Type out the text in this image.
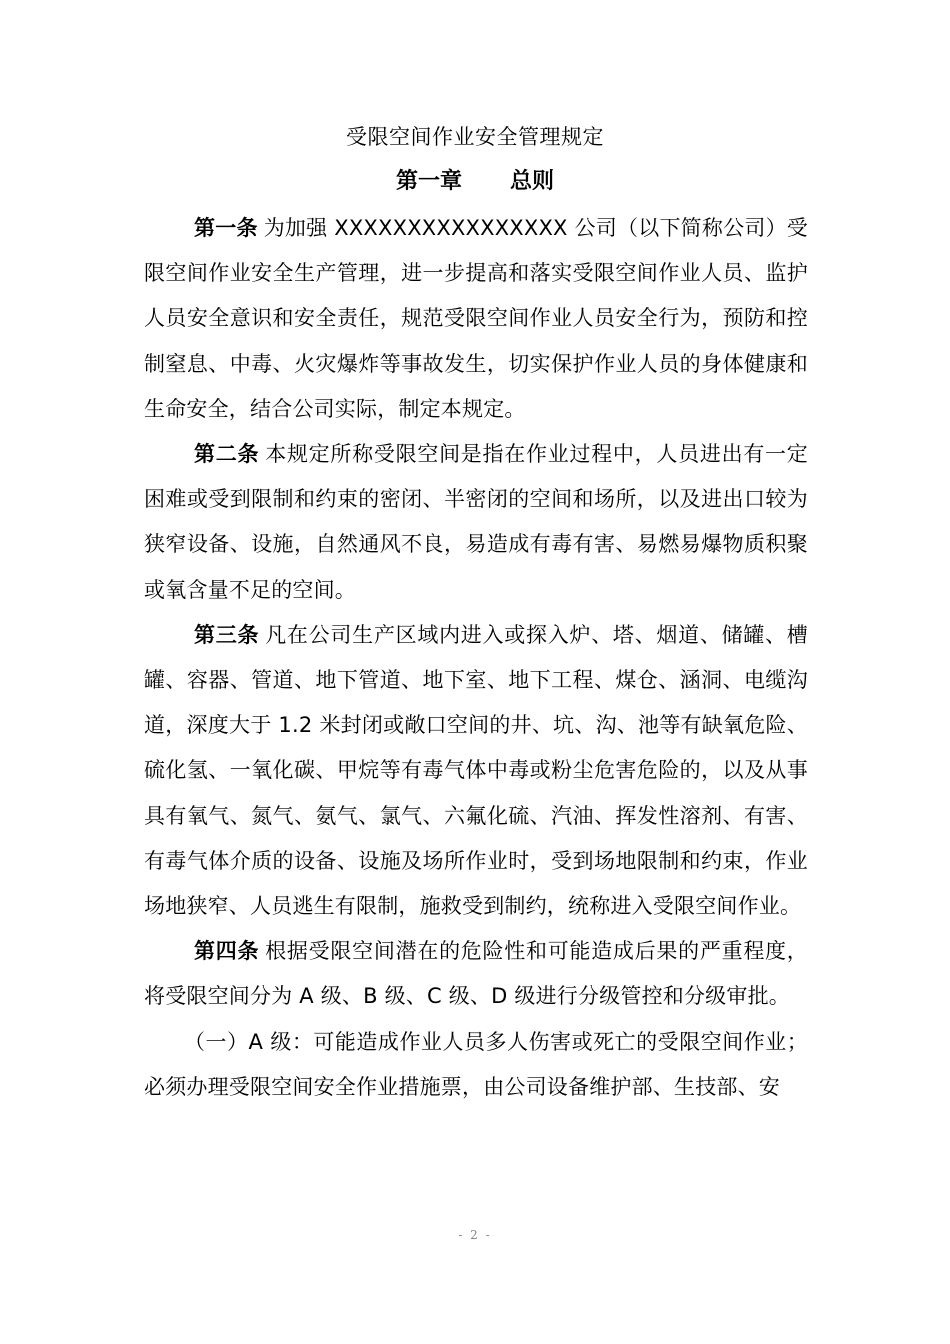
受限空间作业安全管理规定
第一章 总则

第一条 为加强 XXXXXXXXXXXXXXXX 公司（以下简称公司）受限空间作业安全生产管理，进一步提高和落实受限空间作业人员、监护人员安全意识和安全责任，规范受限空间作业人员安全行为，预防和控制窒息、中毒、火灾爆炸等事故发生，切实保护作业人员的身体健康和生命安全，结合公司实际，制定本规定。

第二条 本规定所称受限空间是指在作业过程中，人员进出有一定困难或受到限制和约束的密闭、半密闭的空间和场所，以及进出口较为狭窄设备、设施，自然通风不良，易造成有毒有害、易燃易爆物质积聚或氧含量不足的空间。

第三条 凡在公司生产区域内进入或探入炉、塔、烟道、储罐、槽罐、容器、管道、地下管道、地下室、地下工程、煤仓、涵洞、电缆沟道，深度大于 1.2 米封闭或敞口空间的井、坑、沟、池等有缺氧危险、硫化氢、一氧化碳、甲烷等有毒气体中毒或粉尘危害危险的，以及从事具有氧气、氮气、氨气、氯气、六氟化硫、汽油、挥发性溶剂、有害、有毒气体介质的设备、设施及场所作业时，受到场地限制和约束，作业场地狭窄、人员逃生有限制，施救受到制约，统称进入受限空间作业。

第四条 根据受限空间潜在的危险性和可能造成后果的严重程度，将受限空间分为 A 级、B 级、C 级、D 级进行分级管控和分级审批。

（一）A 级：可能造成作业人员多人伤害或死亡的受限空间作业；必须办理受限空间安全作业措施票，由公司设备维护部、生技部、安

- 2 -
